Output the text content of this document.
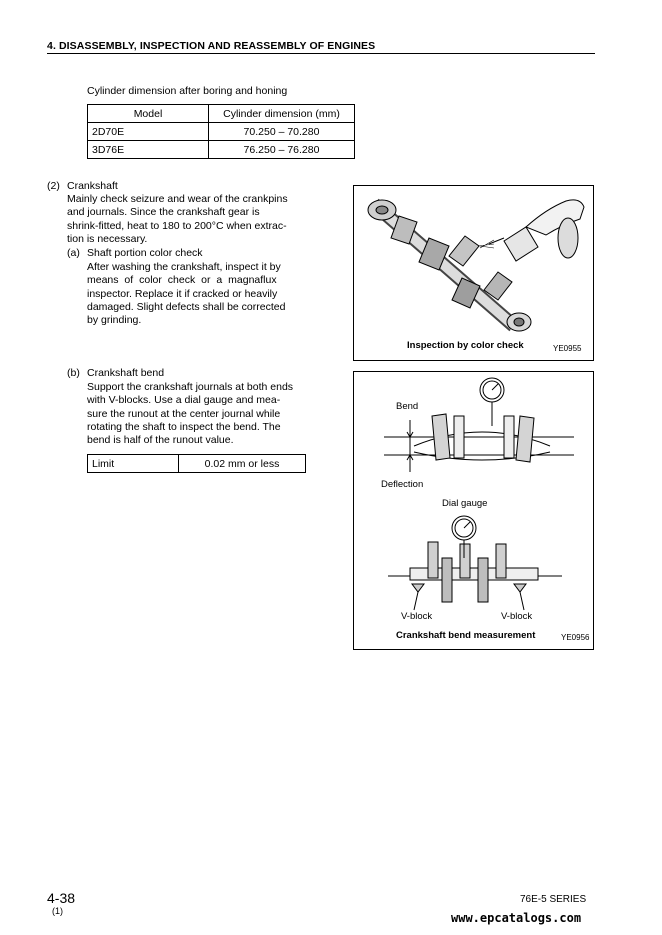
4. DISASSEMBLY, INSPECTION AND REASSEMBLY OF ENGINES
Cylinder dimension after boring and honing
Model	Cylinder dimension (mm)
2D70E	70.250 – 70.280
3D76E	76.250 – 76.280
(2) Crankshaft
Mainly check seizure and wear of the crankpins
and journals. Since the crankshaft gear is
shrink-fitted, heat to 180 to 200°C when extrac-
tion is necessary.
(a) Shaft portion color check
After washing the crankshaft, inspect it by
means of color check or a magnaflux
inspector. Replace it if cracked or heavily
damaged. Slight defects shall be corrected
by grinding.
(b) Crankshaft bend
Support the crankshaft journals at both ends
with V-blocks. Use a dial gauge and mea-
sure the runout at the center journal while
rotating the shaft to inspect the bend. The
bend is half of the runout value.
Limit	0.02 mm or less
Inspection by color check	YE0955
Bend
Deflection
Dial gauge
V-block	V-block
Crankshaft bend measurement	YE0956
4-38
(1)
76E-5 SERIES
www.epcatalogs.com
